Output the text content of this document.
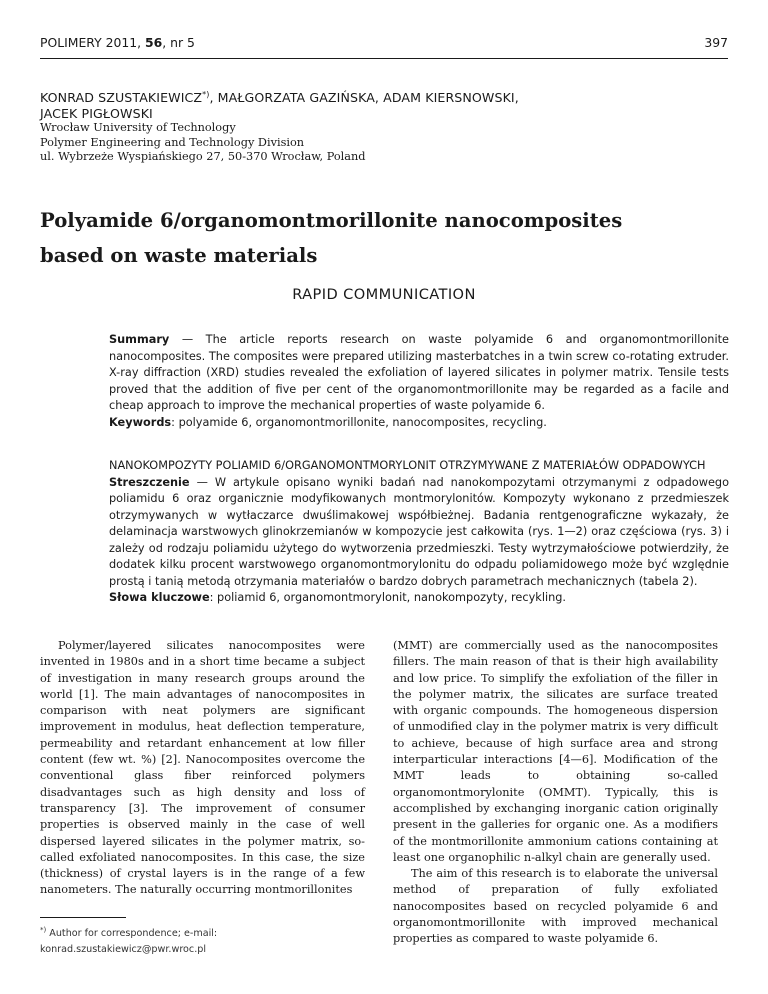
POLIMERY 2011, 56, nr 5	397
KONRAD SZUSTAKIEWICZ*), MAŁGORZATA GAZIŃSKA, ADAM KIERSNOWSKI,
JACEK PIGŁOWSKI
Wrocław University of Technology
Polymer Engineering and Technology Division
ul. Wybrzeże Wyspiańskiego 27, 50-370 Wrocław, Poland
Polyamide 6/organomontmorillonite nanocomposites
based on waste materials
RAPID COMMUNICATION
Summary — The article reports research on waste polyamide 6 and organomontmorillonite nanocomposites. The composites were prepared utilizing masterbatches in a twin screw co-rotating extruder. X-ray diffraction (XRD) studies revealed the exfoliation of layered silicates in polymer matrix. Tensile tests proved that the addition of five per cent of the organomontmorillonite may be regarded as a facile and cheap approach to improve the mechanical properties of waste polyamide 6.
Keywords: polyamide 6, organomontmorillonite, nanocomposites, recycling.
NANOKOMPOZYTY POLIAMID 6/ORGANOMONTMORYLONIT OTRZYMYWANE Z MATERIAŁÓW ODPADOWYCH
Streszczenie — W artykule opisano wyniki badań nad nanokompozytami otrzymanymi z odpadowego poliamidu 6 oraz organicznie modyfikowanych montmorylonitów. Kompozyty wykonano z przedmieszek otrzymywanych w wytłaczarce dwuślimakowej współbieżnej. Badania rentgenograficzne wykazały, że delaminacja warstwowych glinokrzemianów w kompozycie jest całkowita (rys. 1—2) oraz częściowa (rys. 3) i zależy od rodzaju poliamidu użytego do wytworzenia przedmieszki. Testy wytrzymałościowe potwierdziły, że dodatek kilku procent warstwowego organomontmorylonitu do odpadu poliamidowego może być względnie prostą i tanią metodą otrzymania materiałów o bardzo dobrych parametrach mechanicznych (tabela 2).
Słowa kluczowe: poliamid 6, organomontmorylonit, nanokompozyty, recykling.

Polymer/layered silicates nanocomposites were invented in 1980s and in a short time became a subject of investigation in many research groups around the world [1]. The main advantages of nanocomposites in comparison with neat polymers are significant improvement in modulus, heat deflection temperature, permeability and retardant enhancement at low filler content (few wt. %) [2]. Nanocomposites overcome the conventional glass fiber reinforced polymers disadvantages such as high density and loss of transparency [3]. The improvement of consumer properties is observed mainly in the case of well dispersed layered silicates in the polymer matrix, so-called exfoliated nanocomposites. In this case, the size (thickness) of crystal layers is in the range of a few nanometers. The naturally occurring montmorillonites

(MMT) are commercially used as the nanocomposites fillers. The main reason of that is their high availability and low price. To simplify the exfoliation of the filler in the polymer matrix, the silicates are surface treated with organic compounds. The homogeneous dispersion of unmodified clay in the polymer matrix is very difficult to achieve, because of high surface area and strong interparticular interactions [4—6]. Modification of the MMT leads to obtaining so-called organomontmorylonite (OMMT). Typically, this is accomplished by exchanging inorganic cation originally present in the galleries for organic one. As a modifiers of the montmorillonite ammonium cations containing at least one organophilic n-alkyl chain are generally used.

The aim of this research is to elaborate the universal method of preparation of fully exfoliated nanocomposites based on recycled polyamide 6 and organomontmorillonite with improved mechanical properties as compared to waste polyamide 6.

*) Author for correspondence; e-mail: konrad.szustakiewicz@pwr.wroc.pl
